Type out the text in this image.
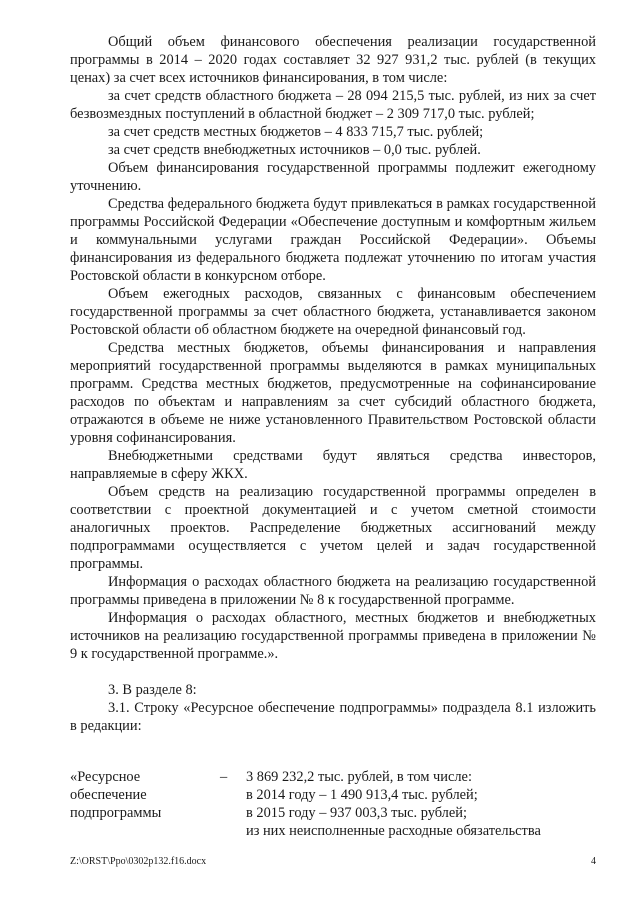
Общий объем финансового обеспечения реализации государственной программы в 2014 – 2020 годах составляет 32 927 931,2 тыс. рублей (в текущих ценах) за счет всех источников финансирования, в том числе:

за счет средств областного бюджета – 28 094 215,5 тыс. рублей, из них за счет безвозмездных поступлений в областной бюджет – 2 309 717,0 тыс. рублей;

за счет средств местных бюджетов – 4 833 715,7 тыс. рублей;

за счет средств внебюджетных источников – 0,0 тыс. рублей.

Объем финансирования государственной программы подлежит ежегодному уточнению.

Средства федерального бюджета будут привлекаться в рамках государственной программы Российской Федерации «Обеспечение доступным и комфортным жильем и коммунальными услугами граждан Российской Федерации». Объемы финансирования из федерального бюджета подлежат уточнению по итогам участия Ростовской области в конкурсном отборе.

Объем ежегодных расходов, связанных с финансовым обеспечением государственной программы за счет областного бюджета, устанавливается законом Ростовской области об областном бюджете на очередной финансовый год.

Средства местных бюджетов, объемы финансирования и направления мероприятий государственной программы выделяются в рамках муниципальных программ. Средства местных бюджетов, предусмотренные на софинансирование расходов по объектам и направлениям за счет субсидий областного бюджета, отражаются в объеме не ниже установленного Правительством Ростовской области уровня софинансирования.

Внебюджетными средствами будут являться средства инвесторов, направляемые в сферу ЖКХ.

Объем средств на реализацию государственной программы определен в соответствии с проектной документацией и с учетом сметной стоимости аналогичных проектов. Распределение бюджетных ассигнований между подпрограммами осуществляется с учетом целей и задач государственной программы.

Информация о расходах областного бюджета на реализацию государственной программы приведена в приложении № 8 к государственной программе.

Информация о расходах областного, местных бюджетов и внебюджетных источников на реализацию государственной программы приведена в приложении № 9 к государственной программе.».

3. В разделе 8:

3.1. Строку «Ресурсное обеспечение подпрограммы» подраздела 8.1 изложить в редакции:

«Ресурсное	–	3 869 232,2 тыс. рублей, в том числе:
обеспечение	в 2014 году – 1 490 913,4 тыс. рублей;
подпрограммы	в 2015 году – 937 003,3 тыс. рублей;
из них неисполненные расходные обязательства
Z:\ORST\Ppo\0302p132.f16.docx	4
